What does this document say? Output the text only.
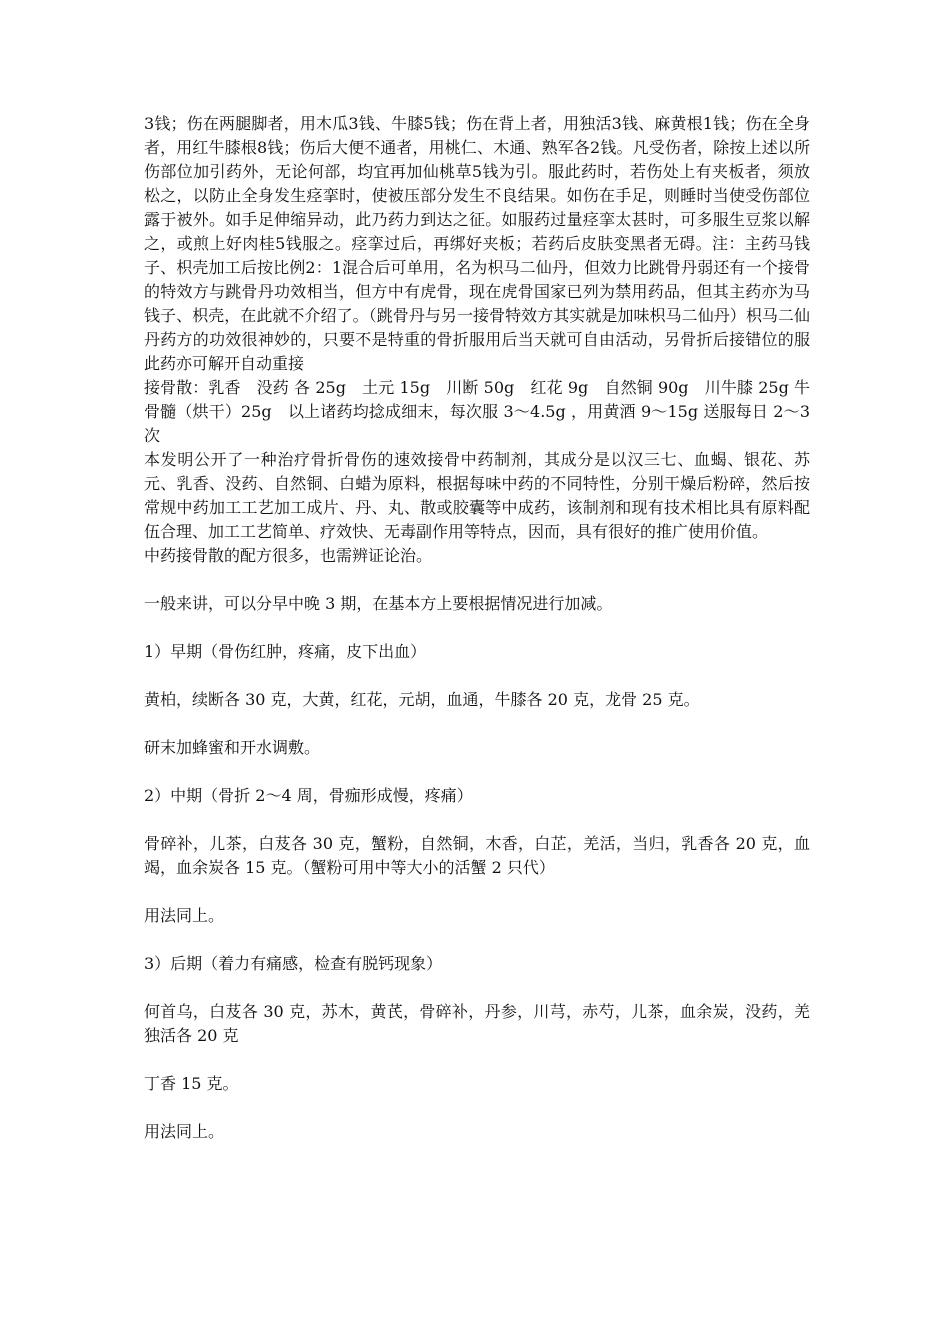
3钱；伤在两腿脚者，用木瓜3钱、牛膝5钱；伤在背上者，用独活3钱、麻黄根1钱；伤在全身者，用红牛膝根8钱；伤后大便不通者，用桃仁、木通、熟军各2钱。凡受伤者，除按上述以所伤部位加引药外，无论何部，均宜再加仙桃草5钱为引。服此药时，若伤处上有夹板者，须放松之，以防止全身发生痉挛时，使被压部分发生不良结果。如伤在手足，则睡时当使受伤部位露于被外。如手足伸缩异动，此乃药力到达之征。如服药过量痉挛太甚时，可多服生豆浆以解之，或煎上好肉桂5钱服之。痉挛过后，再绑好夹板；若药后皮肤变黑者无碍。注：主药马钱子、枳壳加工后按比例2：1混合后可单用，名为枳马二仙丹，但效力比跳骨丹弱还有一个接骨的特效方与跳骨丹功效相当，但方中有虎骨，现在虎骨国家已列为禁用药品，但其主药亦为马钱子、枳壳，在此就不介绍了。（跳骨丹与另一接骨特效方其实就是加味枳马二仙丹）枳马二仙丹药方的功效很神妙的，只要不是特重的骨折服用后当天就可自由活动，另骨折后接错位的服此药亦可解开自动重接

接骨散：乳香　没药 各 25g　土元 15g　川断 50g　红花 9g　自然铜 90g　川牛膝 25g 牛骨髓（烘干）25g　以上诸药均捻成细末，每次服 3～4.5g ，用黄酒 9～15g 送服每日 2～3 次

本发明公开了一种治疗骨折骨伤的速效接骨中药制剂，其成分是以汉三七、血蝎、银花、苏元、乳香、没药、自然铜、白蜡为原料，根据每味中药的不同特性，分别干燥后粉碎，然后按常规中药加工工艺加工成片、丹、丸、散或胶囊等中成药，该制剂和现有技术相比具有原料配伍合理、加工工艺简单、疗效快、无毒副作用等特点，因而，具有很好的推广使用价值。

中药接骨散的配方很多，也需辨证论治。

一般来讲，可以分早中晚 3 期，在基本方上要根据情况进行加减。

1）早期（骨伤红肿，疼痛，皮下出血）

黄柏，续断各 30 克，大黄，红花，元胡，血通，牛膝各 20 克，龙骨 25 克。

研末加蜂蜜和开水调敷。

2）中期（骨折 2～4 周，骨痂形成慢，疼痛）

骨碎补，儿茶，白芨各 30 克，蟹粉，自然铜，木香，白芷，羌活，当归，乳香各 20 克，血竭，血余炭各 15 克。（蟹粉可用中等大小的活蟹 2 只代）

用法同上。

3）后期（着力有痛感，检查有脱钙现象）

何首乌，白芨各 30 克，苏木，黄芪，骨碎补，丹参，川芎，赤芍，儿茶，血余炭，没药，羌独活各 20 克

丁香 15 克。

用法同上。
